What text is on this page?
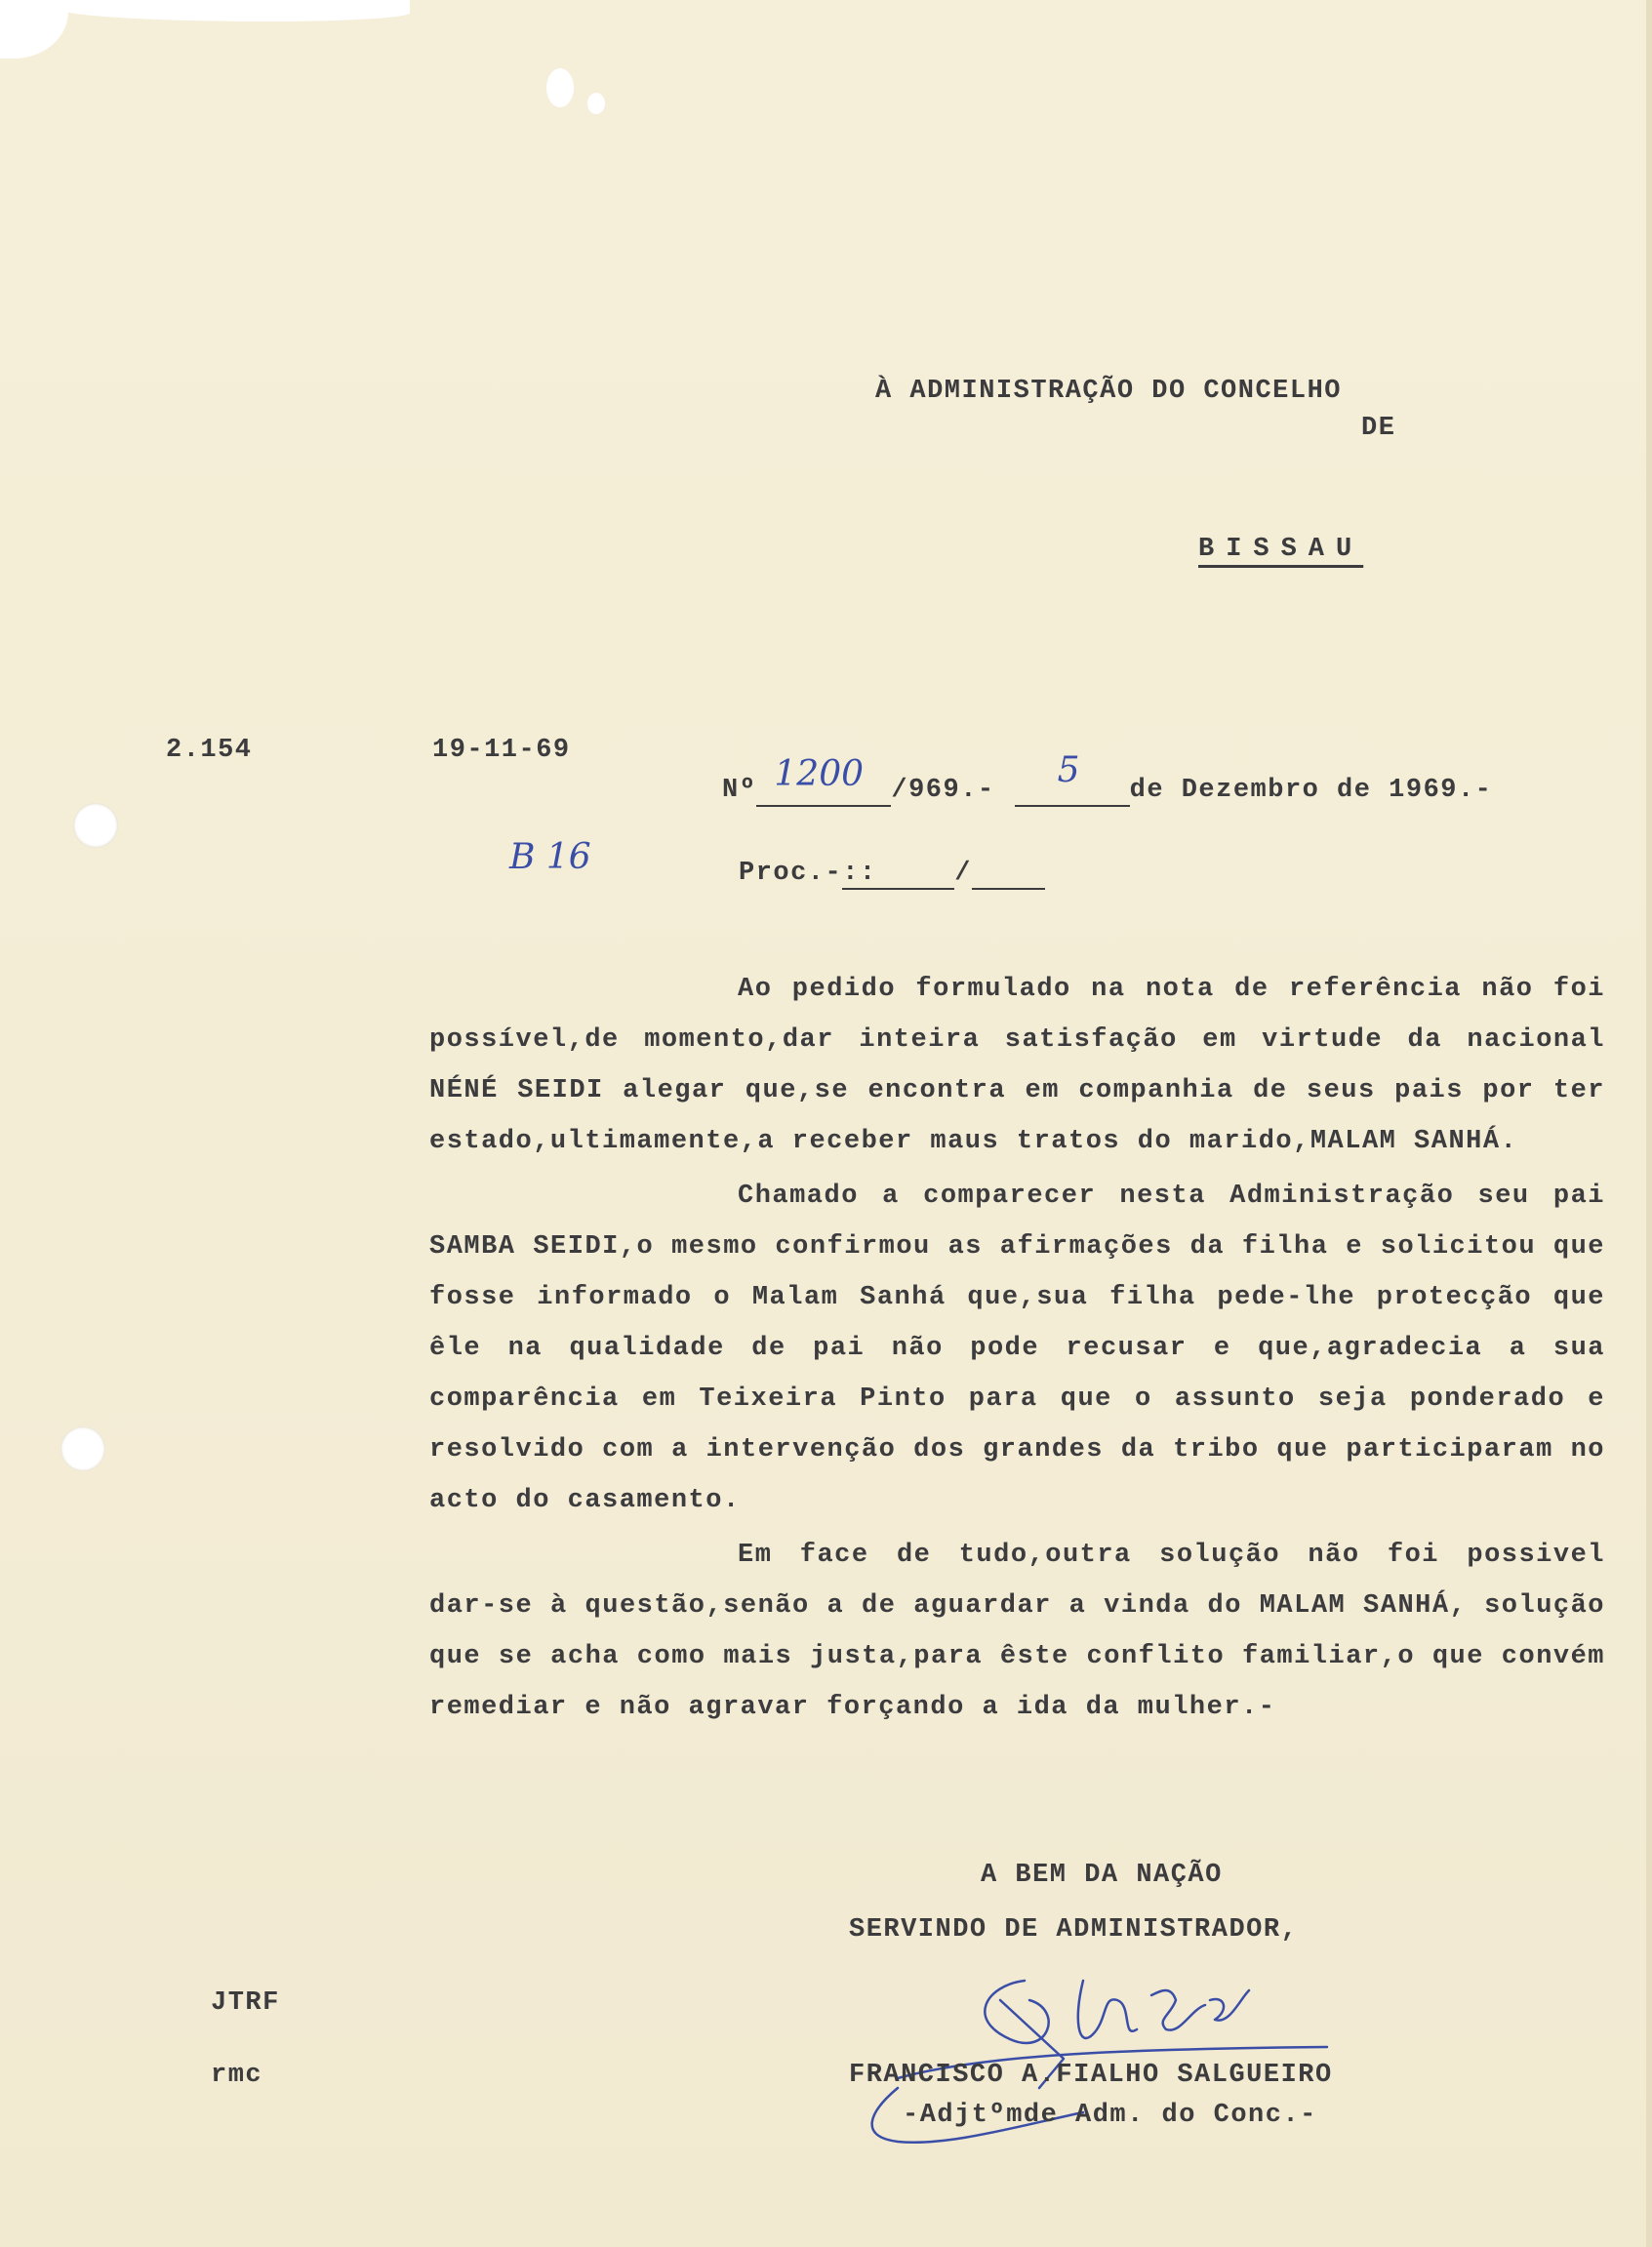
À ADMINISTRAÇÃO DO CONCELHO
DE
BISSAU
2.154	19-11-69
Nº 1200 /969.- 5 de Dezembro de 1969.-
B 16	Proc.-::	/

Ao pedido formulado na nota de referência não foi possível,de momento,dar inteira satisfação em virtude da nacional NÉNÉ SEIDI alegar que,se encontra em companhia de seus pais por ter estado,ultimamente,a receber maus tratos do marido,MALAM SANHÁ.

Chamado a comparecer nesta Administração seu pai SAMBA SEIDI,o mesmo confirmou as afirmações da filha e solicitou que fosse informado o Malam Sanhá que,sua filha pede-lhe protecção que êle na qualidade de pai não pode recusar e que,agradecia a sua comparência em Teixeira Pinto para que o assunto seja ponderado e resolvido com a intervenção dos grandes da tribo que participaram no acto do casamento.

Em face de tudo,outra solução não foi possivel dar-se à questão,senão a de aguardar a vinda do MALAM SANHÁ, solução que se acha como mais justa,para êste conflito familiar,o que convém remediar e não agravar forçando a ida da mulher.-

A BEM DA NAÇÃO
SERVINDO DE ADMINISTRADOR,
FRANCISCO A.FIALHO SALGUEIRO
-Adjtºmde Adm. do Conc.-
JTRF
rmc
